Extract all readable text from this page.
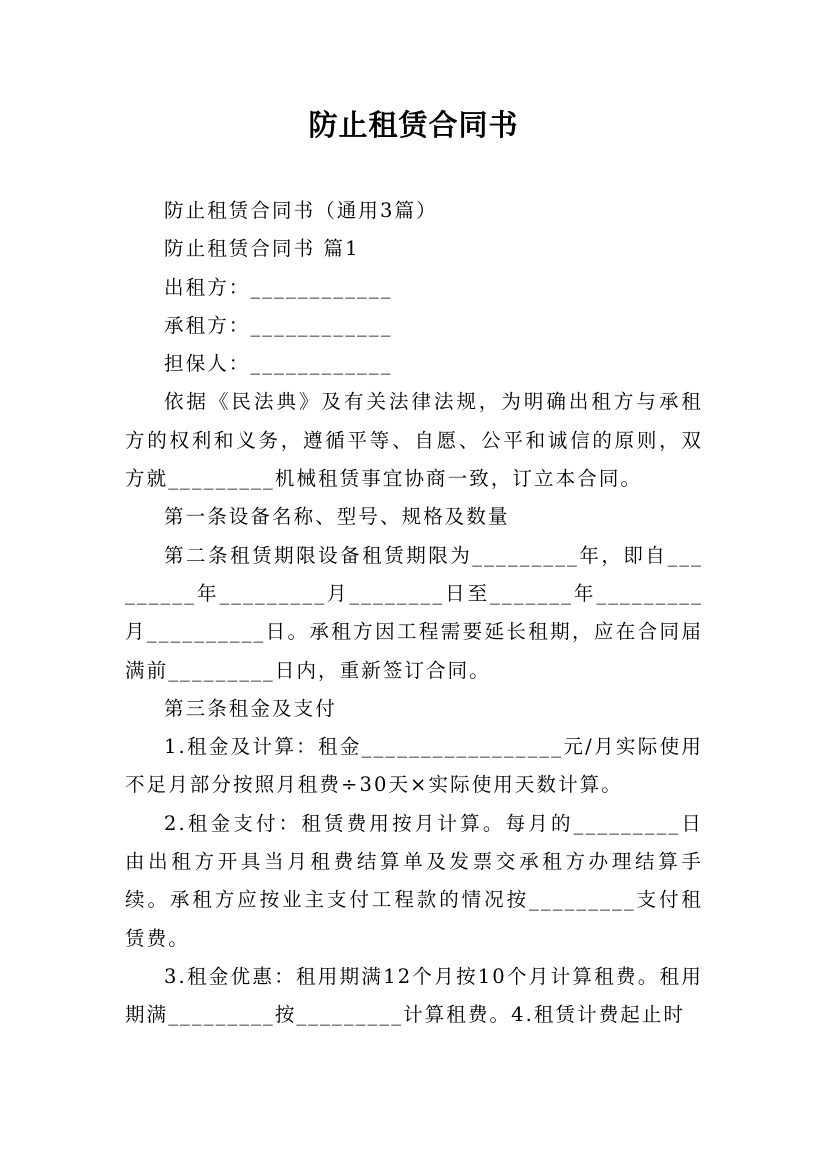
防止租赁合同书

防止租赁合同书（通用3篇）

防止租赁合同书 篇1

出租方：____________

承租方：____________

担保人：____________

依据《民法典》及有关法律法规，为明确出租方与承租方的权利和义务，遵循平等、自愿、公平和诚信的原则，双方就_________机械租赁事宜协商一致，订立本合同。

第一条设备名称、型号、规格及数量

第二条租赁期限设备租赁期限为_________年，即自_________年_________月________日至_______年_________月__________日。承租方因工程需要延长租期，应在合同届满前_________日内，重新签订合同。

第三条租金及支付

1.租金及计算：租金_________________元/月实际使用不足月部分按照月租费÷30天×实际使用天数计算。

2.租金支付：租赁费用按月计算。每月的_________日由出租方开具当月租费结算单及发票交承租方办理结算手续。承租方应按业主支付工程款的情况按_________支付租赁费。

3.租金优惠：租用期满12个月按10个月计算租费。租用期满_________按_________计算租费。4.租赁计费起止时
